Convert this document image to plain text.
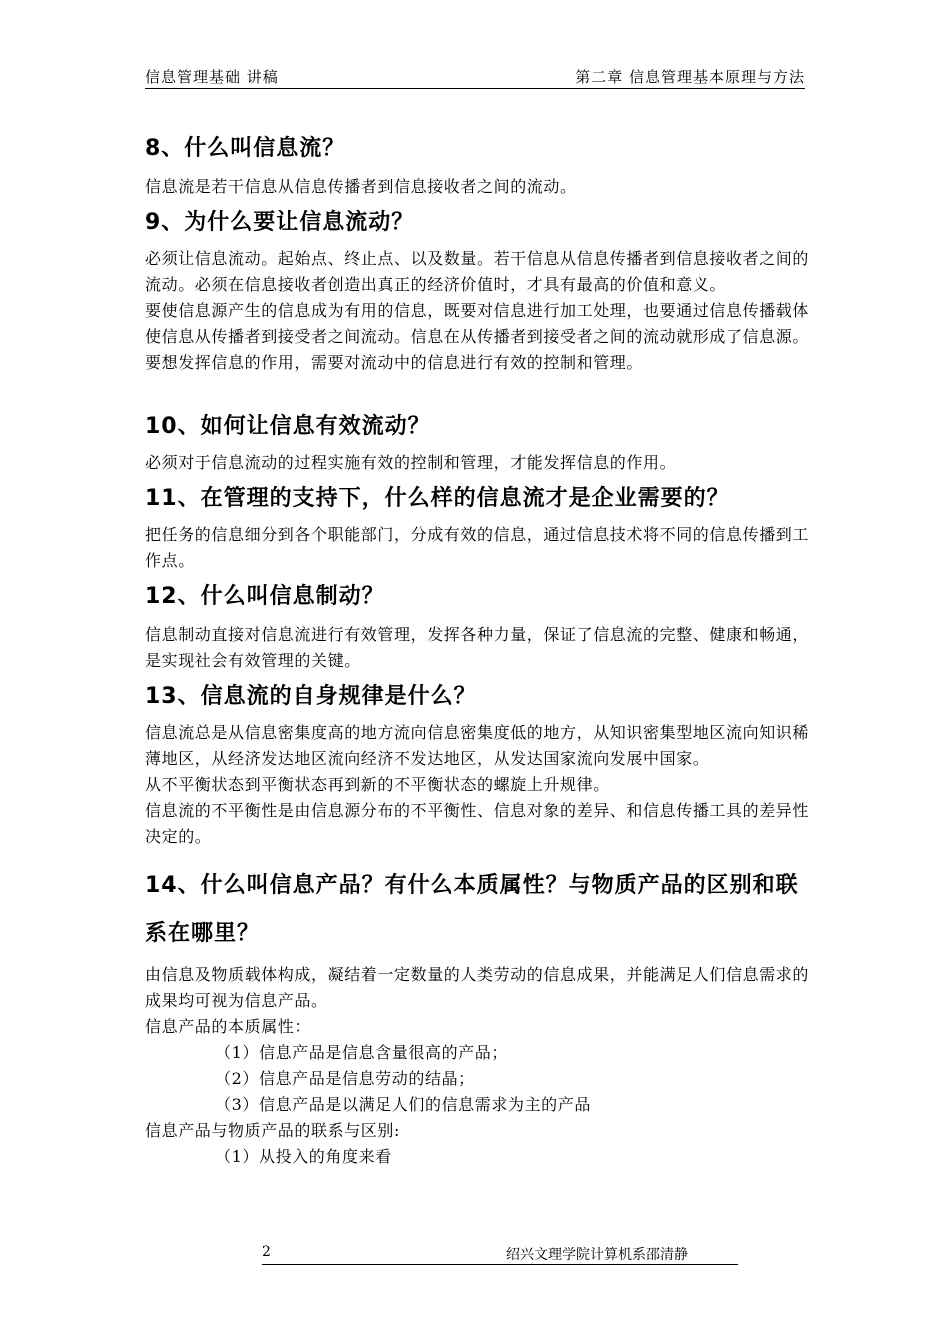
信息管理基础 讲稿	第二章 信息管理基本原理与方法
8、什么叫信息流？

信息流是若干信息从信息传播者到信息接收者之间的流动。

9、为什么要让信息流动？

必须让信息流动。起始点、终止点、以及数量。若干信息从信息传播者到信息接收者之间的流动。必须在信息接收者创造出真正的经济价值时，才具有最高的价值和意义。

要使信息源产生的信息成为有用的信息，既要对信息进行加工处理，也要通过信息传播载体使信息从传播者到接受者之间流动。信息在从传播者到接受者之间的流动就形成了信息源。要想发挥信息的作用，需要对流动中的信息进行有效的控制和管理。

10、如何让信息有效流动？

必须对于信息流动的过程实施有效的控制和管理，才能发挥信息的作用。

11、在管理的支持下，什么样的信息流才是企业需要的？

把任务的信息细分到各个职能部门，分成有效的信息，通过信息技术将不同的信息传播到工作点。

12、什么叫信息制动？

信息制动直接对信息流进行有效管理，发挥各种力量，保证了信息流的完整、健康和畅通，是实现社会有效管理的关键。

13、信息流的自身规律是什么？

信息流总是从信息密集度高的地方流向信息密集度低的地方，从知识密集型地区流向知识稀薄地区，从经济发达地区流向经济不发达地区，从发达国家流向发展中国家。

从不平衡状态到平衡状态再到新的不平衡状态的螺旋上升规律。

信息流的不平衡性是由信息源分布的不平衡性、信息对象的差异、和信息传播工具的差异性决定的。

14、什么叫信息产品？有什么本质属性？与物质产品的区别和联系在哪里？

由信息及物质载体构成，凝结着一定数量的人类劳动的信息成果，并能满足人们信息需求的成果均可视为信息产品。

信息产品的本质属性：

（1）信息产品是信息含量很高的产品；

（2）信息产品是信息劳动的结晶；

（3）信息产品是以满足人们的信息需求为主的产品

信息产品与物质产品的联系与区别:

（1）从投入的角度来看

2	绍兴文理学院计算机系邵清静
